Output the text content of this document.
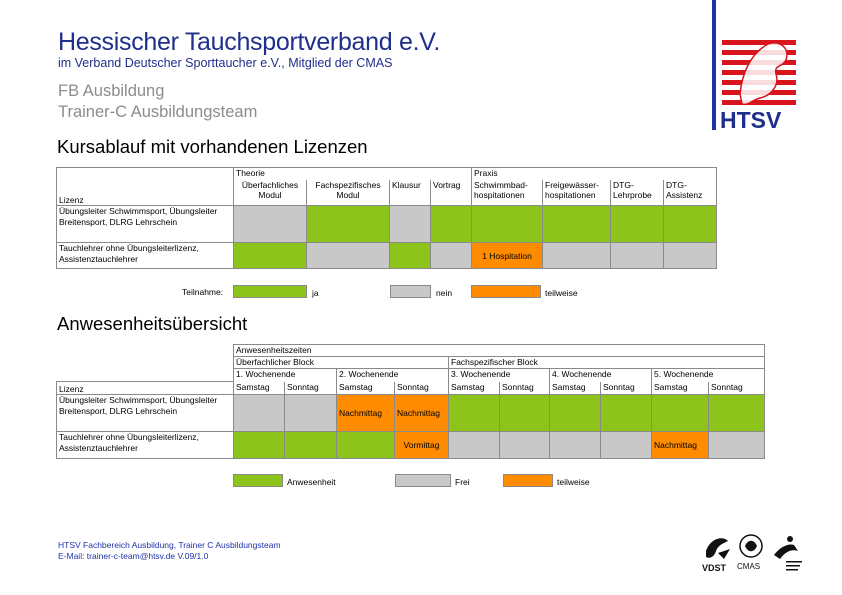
Hessischer Tauchsportverband e.V.
im Verband Deutscher Sporttaucher e.V., Mitglied der CMAS
FB Ausbildung
Trainer-C Ausbildungsteam	HTSV
Kursablauf mit vorhandenen Lizenzen
Lizenz	Theorie				Praxis			
	Überfachliches Modul	Fachspezifisches Modul	Klausur	Vortrag	Schwimmbad-hospitationen	Freigewässer-hospitationen	DTG-Lehrprobe	DTG-Assistenz
Übungsleiter Schwimmsport, Übungsleiter Breitensport, DLRG Lehrschein								
Tauchlehrer ohne Übungsleiterlizenz, Assistenztauchlehrer					1 Hospitation			
Teilnahme:	ja	nein	teilweise
Anwesenheitsübersicht
	Anwesenheitszeiten									
	Überfachlicher Block				Fachspezifischer Block					
	1. Wochenende		2. Wochenende		3. Wochenende		4. Wochenende		5. Wochenende	
Lizenz	Samstag	Sonntag	Samstag	Sonntag	Samstag	Sonntag	Samstag	Sonntag	Samstag	Sonntag
Übungsleiter Schwimmsport, Übungsleiter Breitensport, DLRG Lehrschein			Nachmittag	Nachmittag						
Tauchlehrer ohne Übungsleiterlizenz, Assistenztauchlehrer				Vormittag					Nachmittag	
Anwesenheit	Frei	teilweise
HTSV Fachbereich Ausbildung, Trainer C Ausbildungsteam
E-Mail: trainer-c-team@htsv.de V.09/1.0
VDST CMAS
